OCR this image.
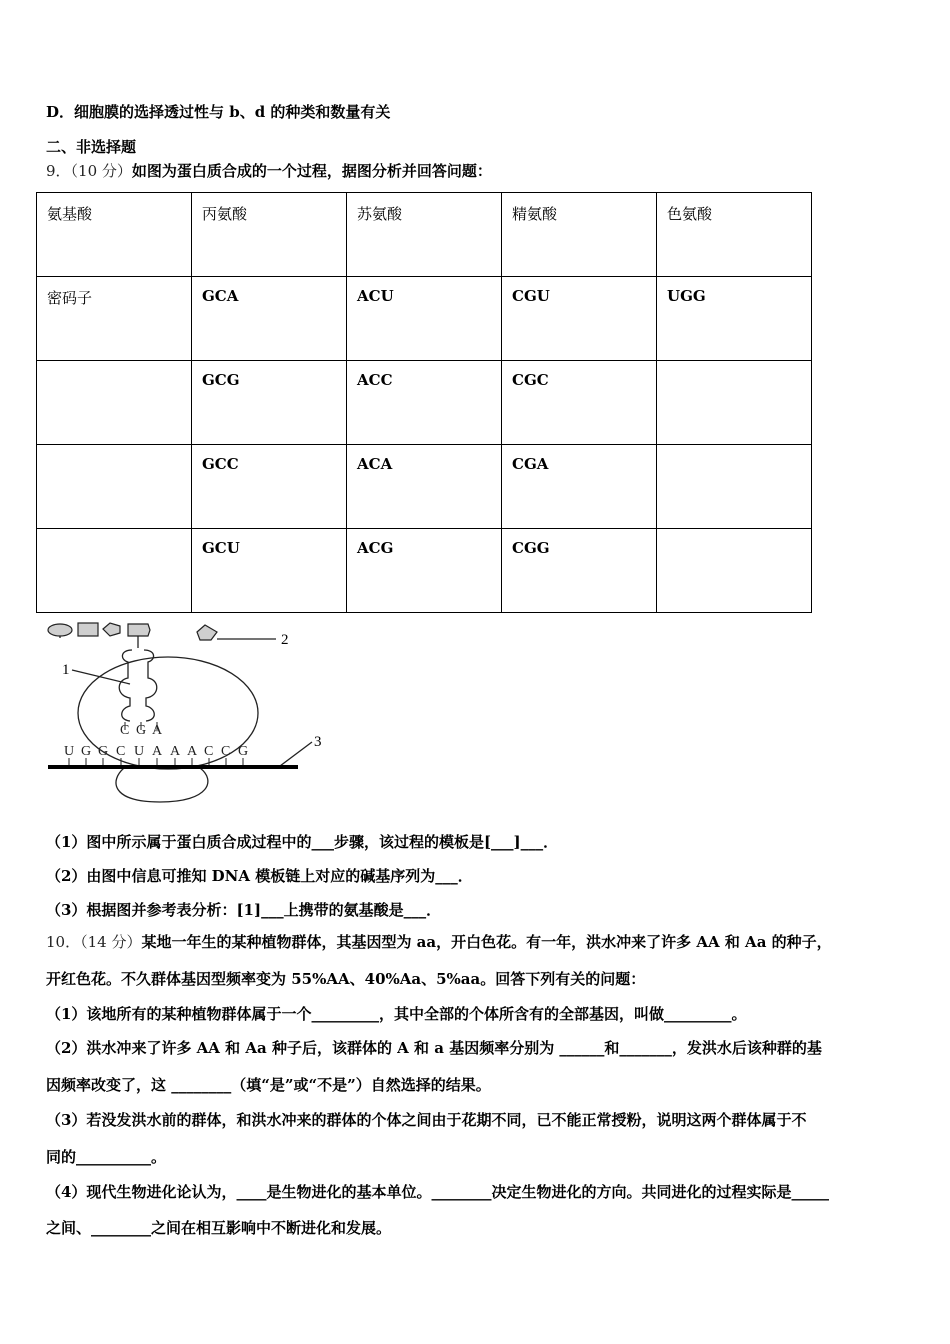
D．细胞膜的选择透过性与 b、d 的种类和数量有关
二、非选择题
9．（10 分）如图为蛋白质合成的一个过程，据图分析并回答问题：
氨基酸	丙氨酸	苏氨酸	精氨酸	色氨酸
密码子	GCA	ACU	CGU	UGG
	GCG	ACC	CGC	
	GCC	ACA	CGA	
	GCU	ACG	CGG	
2
1
3
C G A
U G G C U A A A C C G
（1）图中所示属于蛋白质合成过程中的___步骤，该过程的模板是[___]___．
（2）由图中信息可推知 DNA 模板链上对应的碱基序列为___．
（3）根据图并参考表分析：[1]___上携带的氨基酸是___．
10．（14 分）某地一年生的某种植物群体，其基因型为 aa，开白色花。有一年，洪水冲来了许多 AA 和 Aa 的种子，
开红色花。不久群体基因型频率变为 55%AA、40%Aa、5%aa。回答下列有关的问题：
（1）该地所有的某种植物群体属于一个_________，其中全部的个体所含有的全部基因，叫做_________。
（2）洪水冲来了许多 AA 和 Aa 种子后，该群体的 A 和 a 基因频率分别为 ______和_______，发洪水后该种群的基
因频率改变了，这 ________（填“是”或“不是”）自然选择的结果。
（3）若没发洪水前的群体，和洪水冲来的群体的个体之间由于花期不同，已不能正常授粉，说明这两个群体属于不
同的__________。
（4）现代生物进化论认为，____是生物进化的基本单位。________决定生物进化的方向。共同进化的过程实际是_____
之间、________之间在相互影响中不断进化和发展。
